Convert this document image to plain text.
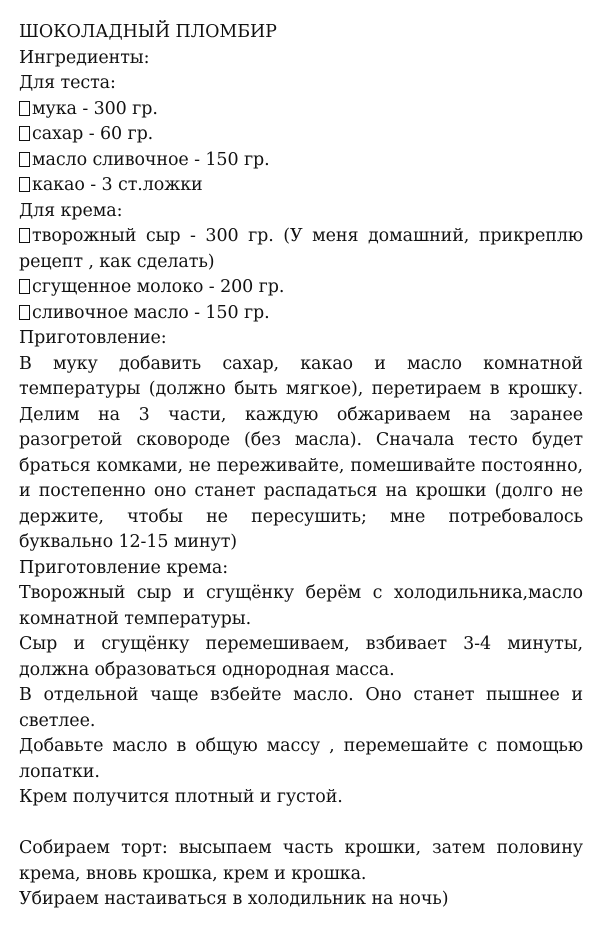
ШОКОЛАДНЫЙ ПЛОМБИР

Ингредиенты:

Для теста:

мука - 300 гр.

сахар - 60 гр.

масло сливочное - 150 гр.

какао - 3 ст.ложки

Для крема:

творожный сыр - 300 гр. (У меня домашний, прикреплю рецепт , как сделать)

сгущенное молоко - 200 гр.

сливочное масло - 150 гр.

Приготовление:

В муку добавить сахар, какао и масло комнатной температуры (должно быть мягкое), перетираем в крошку. Делим на 3 части, каждую обжариваем на заранее разогретой сковороде (без масла). Сначала тесто будет браться комками, не переживайте, помешивайте постоянно, и постепенно оно станет распадаться на крошки (долго не держите, чтобы не пересушить; мне потребовалось буквально 12-15 минут)

Приготовление крема:

Творожный сыр и сгущёнку берём с холодильника,масло комнатной температуры.

Сыр и сгущёнку перемешиваем, взбивает 3-4 минуты, должна образоваться однородная масса.

В отдельной чаще взбейте масло. Оно станет пышнее и светлее.

Добавьте масло в общую массу , перемешайте с помощью лопатки.

Крем получится плотный и густой.

Собираем торт: высыпаем часть крошки, затем половину крема, вновь крошка, крем и крошка.

Убираем настаиваться в холодильник на ночь)
